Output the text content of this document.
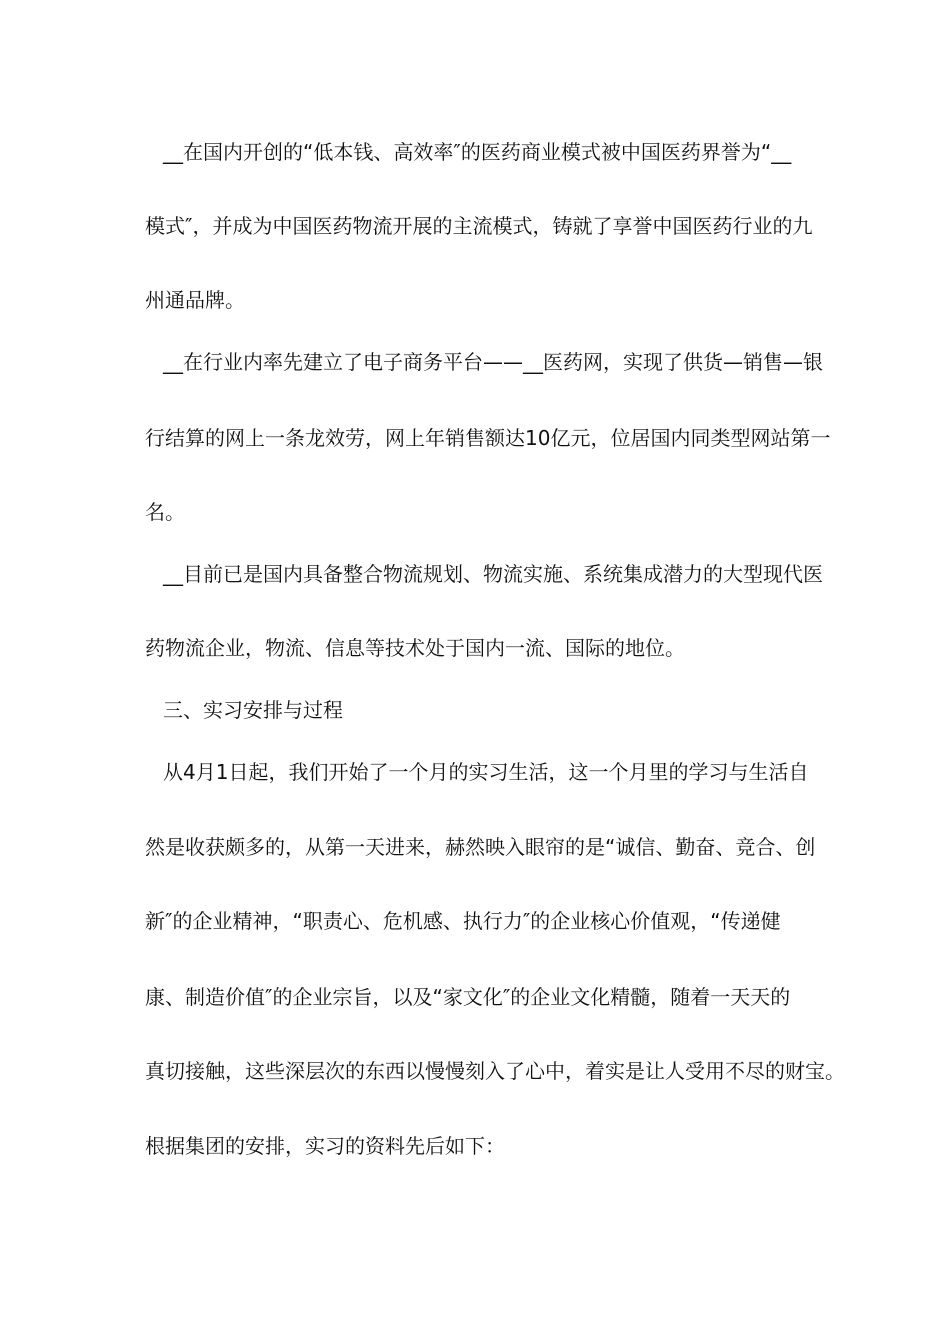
__在国内开创的“低本钱、高效率″的医药商业模式被中国医药界誉为“__
模式″，并成为中国医药物流开展的主流模式，铸就了享誉中国医药行业的九
州通品牌。
__在行业内率先建立了电子商务平台——__医药网，实现了供货—销售—银
行结算的网上一条龙效劳，网上年销售额达10亿元，位居国内同类型网站第一
名。
__目前已是国内具备整合物流规划、物流实施、系统集成潜力的大型现代医
药物流企业，物流、信息等技术处于国内一流、国际的地位。
三、实习安排与过程
从4月1日起，我们开始了一个月的实习生活，这一个月里的学习与生活自
然是收获颇多的，从第一天进来，赫然映入眼帘的是“诚信、勤奋、竞合、创
新″的企业精神，“职责心、危机感、执行力″的企业核心价值观，“传递健
康、制造价值″的企业宗旨，以及“家文化″的企业文化精髓，随着一天天的
真切接触，这些深层次的东西以慢慢刻入了心中，着实是让人受用不尽的财宝。
根据集团的安排，实习的资料先后如下：
